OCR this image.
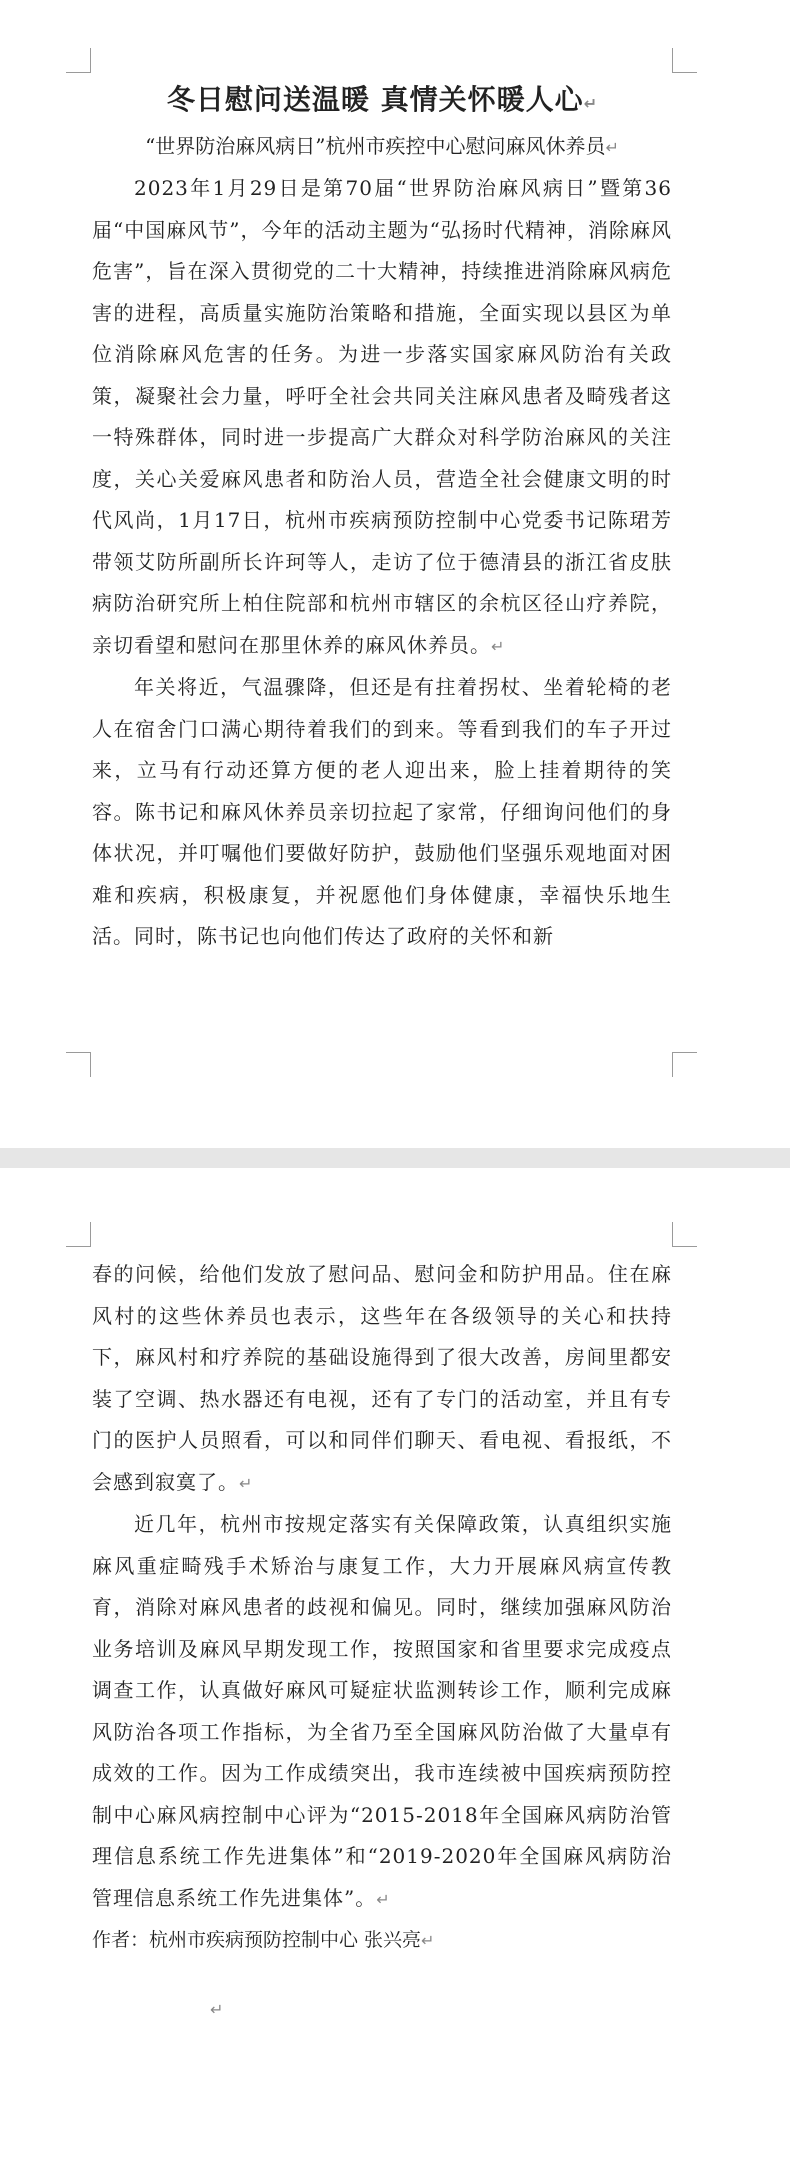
冬日慰问送温暖 真情关怀暖人心↵
“世界防治麻风病日”杭州市疾控中心慰问麻风休养员↵

2023年1月29日是第70届“世界防治麻风病日”暨第36届“中国麻风节”，今年的活动主题为“弘扬时代精神，消除麻风危害”，旨在深入贯彻党的二十大精神，持续推进消除麻风病危害的进程，高质量实施防治策略和措施，全面实现以县区为单位消除麻风危害的任务。为进一步落实国家麻风防治有关政策，凝聚社会力量，呼吁全社会共同关注麻风患者及畸残者这一特殊群体，同时进一步提高广大群众对科学防治麻风的关注度，关心关爱麻风患者和防治人员，营造全社会健康文明的时代风尚，1月17日，杭州市疾病预防控制中心党委书记陈珺芳带领艾防所副所长许珂等人，走访了位于德清县的浙江省皮肤病防治研究所上柏住院部和杭州市辖区的余杭区径山疗养院，亲切看望和慰问在那里休养的麻风休养员。↵

年关将近，气温骤降，但还是有拄着拐杖、坐着轮椅的老人在宿舍门口满心期待着我们的到来。等看到我们的车子开过来，立马有行动还算方便的老人迎出来，脸上挂着期待的笑容。陈书记和麻风休养员亲切拉起了家常，仔细询问他们的身体状况，并叮嘱他们要做好防护，鼓励他们坚强乐观地面对困难和疾病，积极康复，并祝愿他们身体健康，幸福快乐地生活。同时，陈书记也向他们传达了政府的关怀和新

春的问候，给他们发放了慰问品、慰问金和防护用品。住在麻风村的这些休养员也表示，这些年在各级领导的关心和扶持下，麻风村和疗养院的基础设施得到了很大改善，房间里都安装了空调、热水器还有电视，还有了专门的活动室，并且有专门的医护人员照看，可以和同伴们聊天、看电视、看报纸，不会感到寂寞了。↵

近几年，杭州市按规定落实有关保障政策，认真组织实施麻风重症畸残手术矫治与康复工作，大力开展麻风病宣传教育，消除对麻风患者的歧视和偏见。同时，继续加强麻风防治业务培训及麻风早期发现工作，按照国家和省里要求完成疫点调查工作，认真做好麻风可疑症状监测转诊工作，顺利完成麻风防治各项工作指标，为全省乃至全国麻风防治做了大量卓有成效的工作。因为工作成绩突出，我市连续被中国疾病预防控制中心麻风病控制中心评为“2015-2018年全国麻风病防治管理信息系统工作先进集体”和“2019-2020年全国麻风病防治管理信息系统工作先进集体”。↵

作者：杭州市疾病预防控制中心 张兴亮↵
↵
